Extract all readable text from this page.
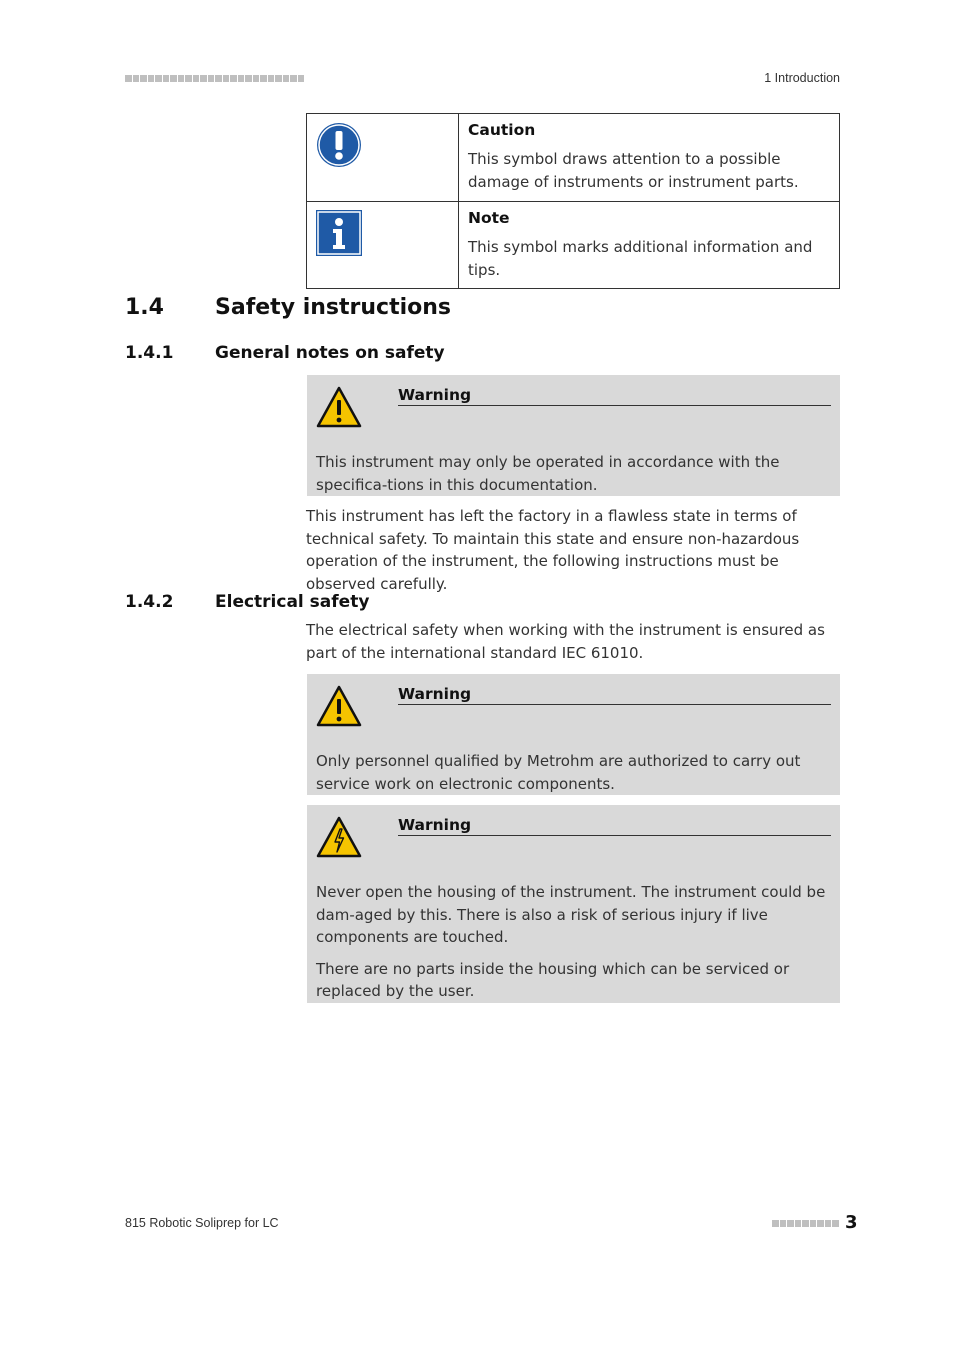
1 Introduction

Caution
This symbol draws attention to a possible damage of instruments or instrument parts.

Note
This symbol marks additional information and tips.
1.4 Safety instructions
1.4.1 General notes on safety
Warning

This instrument may only be operated in accordance with the specifica-tions in this documentation.

This instrument has left the factory in a flawless state in terms of technical safety. To maintain this state and ensure non-hazardous operation of the instrument, the following instructions must be observed carefully.
1.4.2 Electrical safety
The electrical safety when working with the instrument is ensured as part of the international standard IEC 61010.
Warning

Only personnel qualified by Metrohm are authorized to carry out service work on electronic components.

Warning

Never open the housing of the instrument. The instrument could be dam-aged by this. There is also a risk of serious injury if live components are touched.

There are no parts inside the housing which can be serviced or replaced by the user.

815 Robotic Soliprep for LC	3
